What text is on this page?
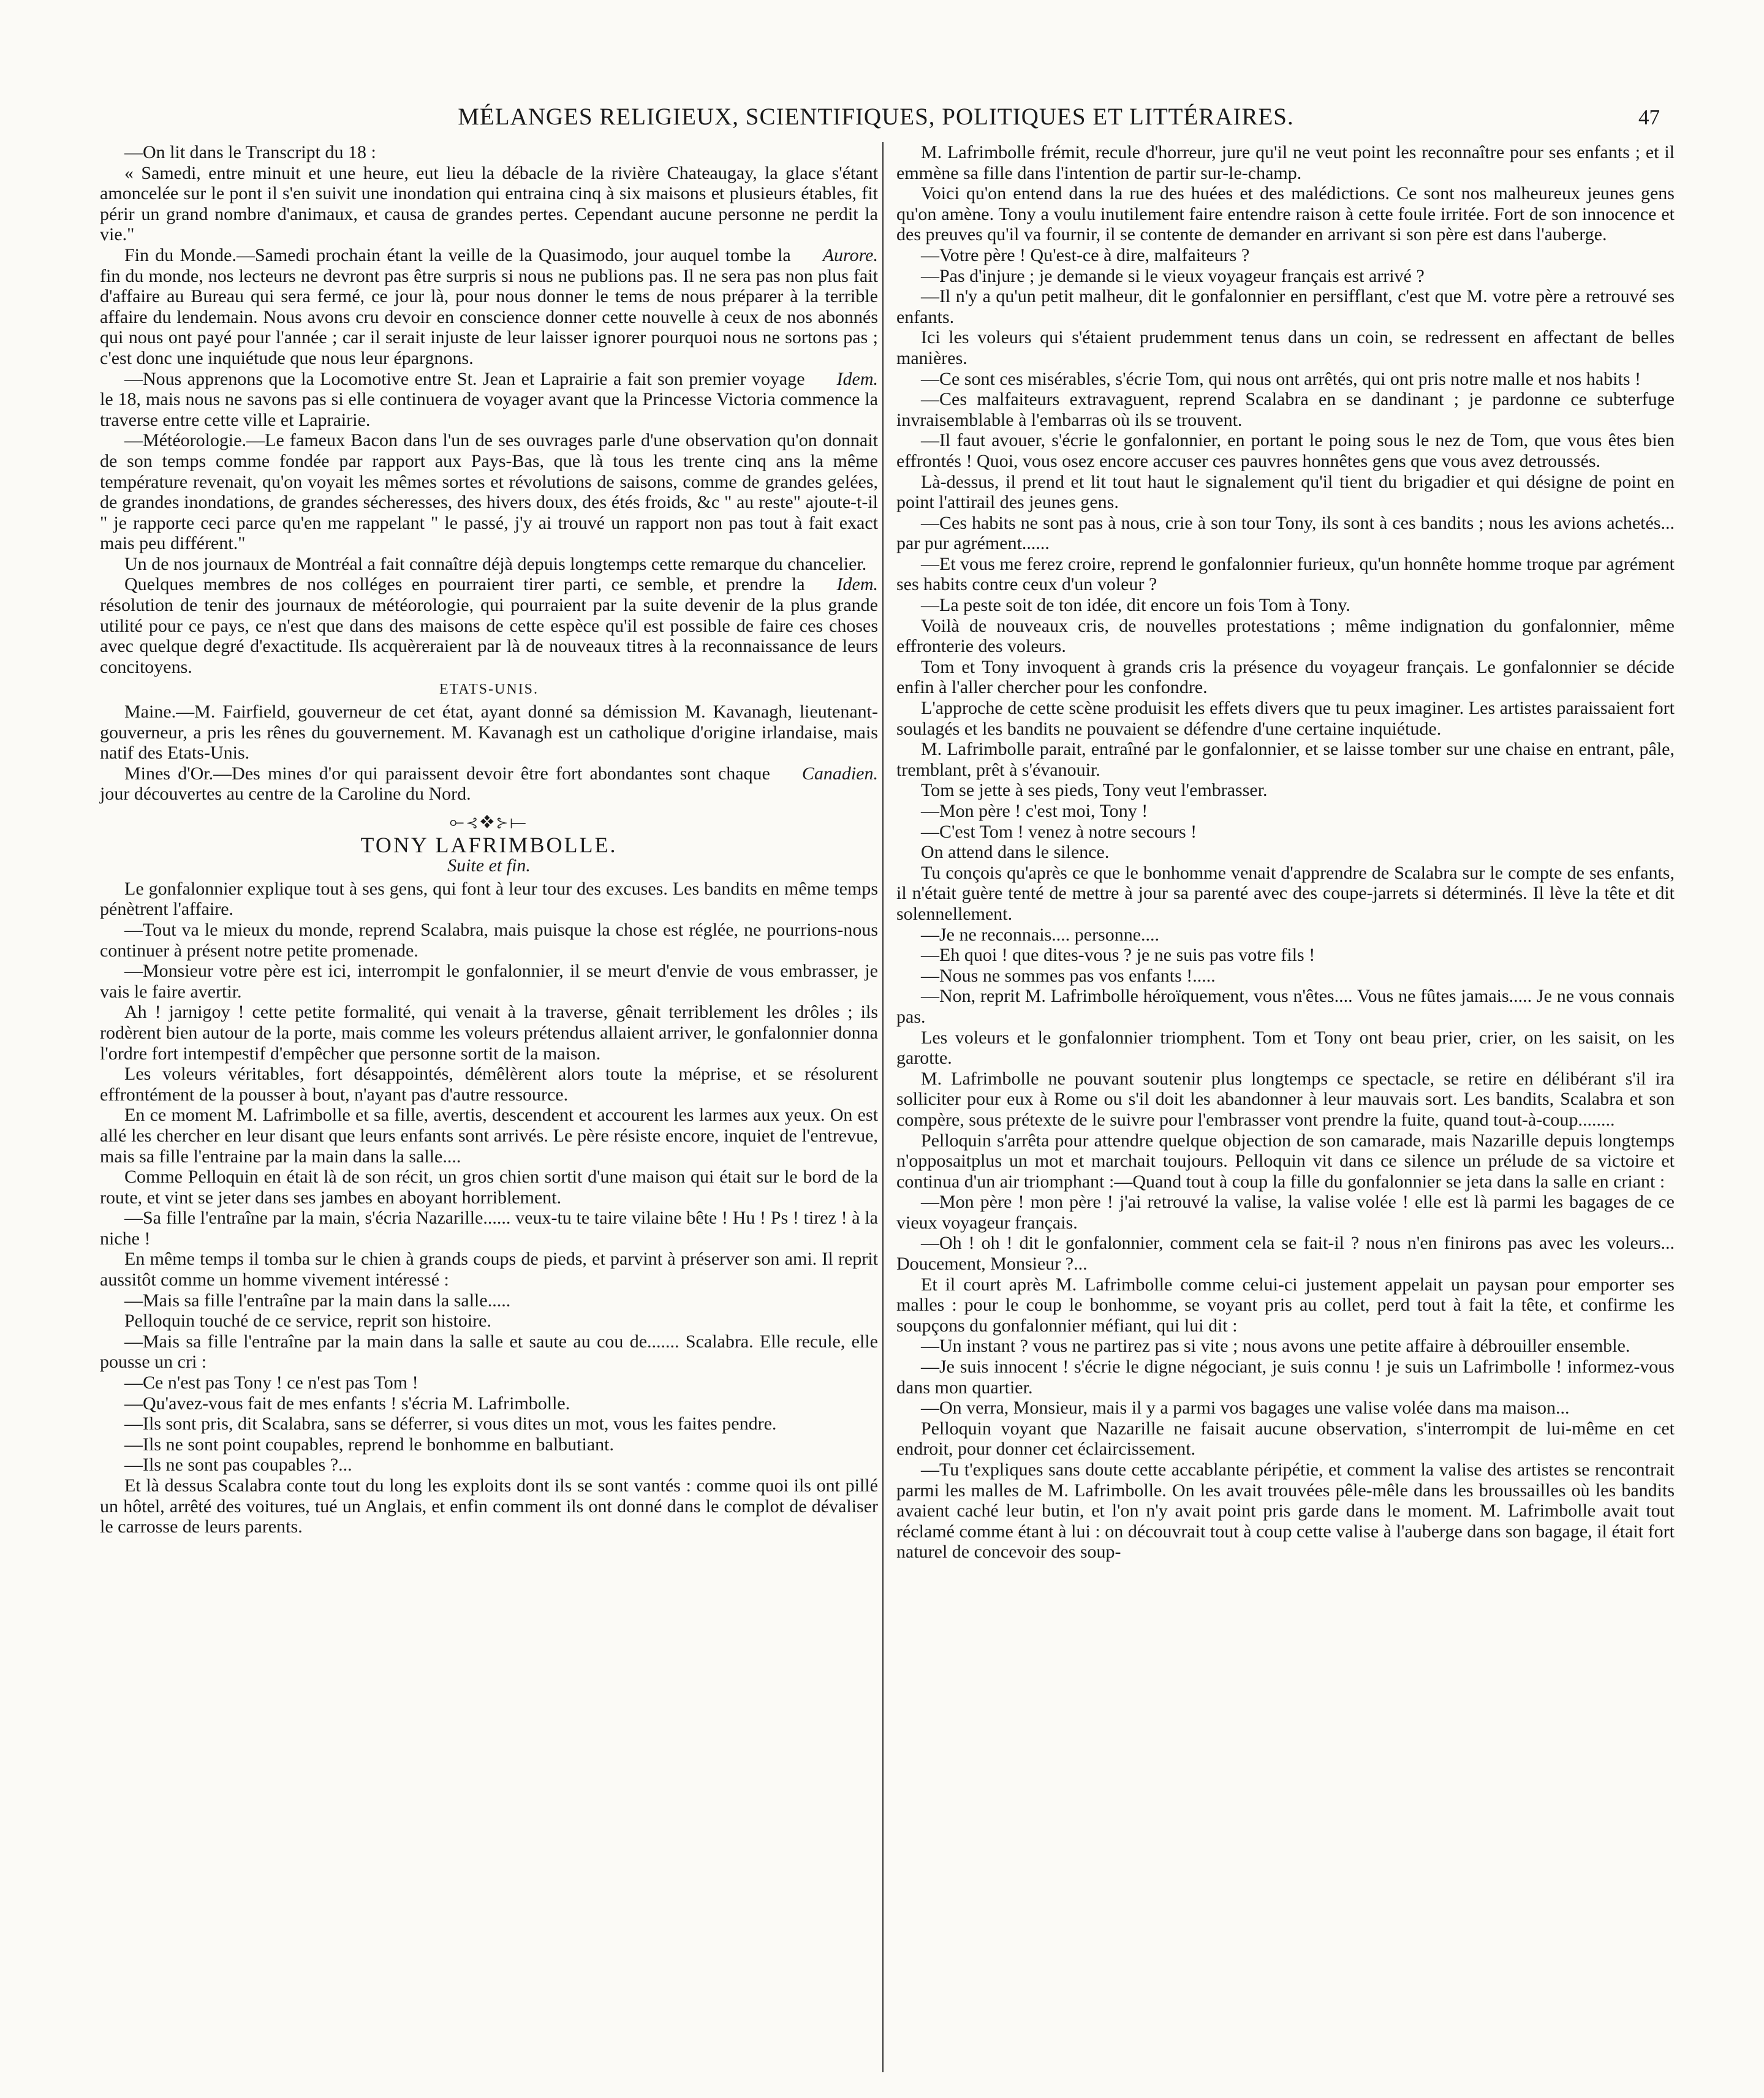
MÉLANGES RELIGIEUX, SCIENTIFIQUES, POLITIQUES ET LITTÉRAIRES.	47

—On lit dans le Transcript du 18 :

« Samedi, entre minuit et une heure, eut lieu la débacle de la rivière Chateaugay, la glace s'étant amoncelée sur le pont il s'en suivit une inondation qui entraina cinq à six maisons et plusieurs étables, fit périr un grand nombre d'animaux, et causa de grandes pertes. Cependant aucune personne ne perdit la vie."

Aurore.
Fin du Monde.—Samedi prochain étant la veille de la Quasimodo, jour auquel tombe la fin du monde, nos lecteurs ne devront pas être surpris si nous ne publions pas. Il ne sera pas non plus fait d'affaire au Bureau qui sera fermé, ce jour là, pour nous donner le tems de nous préparer à la terrible affaire du lendemain. Nous avons cru devoir en conscience donner cette nouvelle à ceux de nos abonnés qui nous ont payé pour l'année ; car il serait injuste de leur laisser ignorer pourquoi nous ne sortons pas ; c'est donc une inquiétude que nous leur épargnons.

Idem.
—Nous apprenons que la Locomotive entre St. Jean et Laprairie a fait son premier voyage le 18, mais nous ne savons pas si elle continuera de voyager avant que la Princesse Victoria commence la traverse entre cette ville et Laprairie.

—Météorologie.—Le fameux Bacon dans l'un de ses ouvrages parle d'une observation qu'on donnait de son temps comme fondée par rapport aux Pays-Bas, que là tous les trente cinq ans la même température revenait, qu'on voyait les mêmes sortes et révolutions de saisons, comme de grandes gelées, de grandes inondations, de grandes sécheresses, des hivers doux, des étés froids, &c " au reste" ajoute-t-il " je rapporte ceci parce qu'en me rappelant " le passé, j'y ai trouvé un rapport non pas tout à fait exact mais peu différent."

Un de nos journaux de Montréal a fait connaître déjà depuis longtemps cette remarque du chancelier.

Idem.
Quelques membres de nos colléges en pourraient tirer parti, ce semble, et prendre la résolution de tenir des journaux de météorologie, qui pourraient par la suite devenir de la plus grande utilité pour ce pays, ce n'est que dans des maisons de cette espèce qu'il est possible de faire ces choses avec quelque degré d'exactitude. Ils acquèreraient par là de nouveaux titres à la reconnaissance de leurs concitoyens.

ETATS-UNIS.

Maine.—M. Fairfield, gouverneur de cet état, ayant donné sa démission M. Kavanagh, lieutenant-gouverneur, a pris les rênes du gouvernement. M. Kavanagh est un catholique d'origine irlandaise, mais natif des Etats-Unis.

Canadien.
Mines d'Or.—Des mines d'or qui paraissent devoir être fort abondantes sont chaque jour découvertes au centre de la Caroline du Nord.

⟜⊰❖⊱⟝
TONY LAFRIMBOLLE.
Suite et fin.

Le gonfalonnier explique tout à ses gens, qui font à leur tour des excuses. Les bandits en même temps pénètrent l'affaire.

—Tout va le mieux du monde, reprend Scalabra, mais puisque la chose est réglée, ne pourrions-nous continuer à présent notre petite promenade.

—Monsieur votre père est ici, interrompit le gonfalonnier, il se meurt d'envie de vous embrasser, je vais le faire avertir.

Ah ! jarnigoy ! cette petite formalité, qui venait à la traverse, gênait terriblement les drôles ; ils rodèrent bien autour de la porte, mais comme les voleurs prétendus allaient arriver, le gonfalonnier donna l'ordre fort intempestif d'empêcher que personne sortit de la maison.

Les voleurs véritables, fort désappointés, démêlèrent alors toute la méprise, et se résolurent effrontément de la pousser à bout, n'ayant pas d'autre ressource.

En ce moment M. Lafrimbolle et sa fille, avertis, descendent et accourent les larmes aux yeux. On est allé les chercher en leur disant que leurs enfants sont arrivés. Le père résiste encore, inquiet de l'entrevue, mais sa fille l'entraine par la main dans la salle....

Comme Pelloquin en était là de son récit, un gros chien sortit d'une maison qui était sur le bord de la route, et vint se jeter dans ses jambes en aboyant horriblement.

—Sa fille l'entraîne par la main, s'écria Nazarille...... veux-tu te taire vilaine bête ! Hu ! Ps ! tirez ! à la niche !

En même temps il tomba sur le chien à grands coups de pieds, et parvint à préserver son ami. Il reprit aussitôt comme un homme vivement intéressé :

—Mais sa fille l'entraîne par la main dans la salle.....

Pelloquin touché de ce service, reprit son histoire.

—Mais sa fille l'entraîne par la main dans la salle et saute au cou de....... Scalabra. Elle recule, elle pousse un cri :

—Ce n'est pas Tony ! ce n'est pas Tom !

—Qu'avez-vous fait de mes enfants ! s'écria M. Lafrimbolle.

—Ils sont pris, dit Scalabra, sans se déferrer, si vous dites un mot, vous les faites pendre.

—Ils ne sont point coupables, reprend le bonhomme en balbutiant.

—Ils ne sont pas coupables ?...

Et là dessus Scalabra conte tout du long les exploits dont ils se sont vantés : comme quoi ils ont pillé un hôtel, arrêté des voitures, tué un Anglais, et enfin comment ils ont donné dans le complot de dévaliser le carrosse de leurs parents.

M. Lafrimbolle frémit, recule d'horreur, jure qu'il ne veut point les reconnaître pour ses enfants ; et il emmène sa fille dans l'intention de partir sur-le-champ.

Voici qu'on entend dans la rue des huées et des malédictions. Ce sont nos malheureux jeunes gens qu'on amène. Tony a voulu inutilement faire entendre raison à cette foule irritée. Fort de son innocence et des preuves qu'il va fournir, il se contente de demander en arrivant si son père est dans l'auberge.

—Votre père ! Qu'est-ce à dire, malfaiteurs ?

—Pas d'injure ; je demande si le vieux voyageur français est arrivé ?

—Il n'y a qu'un petit malheur, dit le gonfalonnier en persifflant, c'est que M. votre père a retrouvé ses enfants.

Ici les voleurs qui s'étaient prudemment tenus dans un coin, se redressent en affectant de belles manières.

—Ce sont ces misérables, s'écrie Tom, qui nous ont arrêtés, qui ont pris notre malle et nos habits !

—Ces malfaiteurs extravaguent, reprend Scalabra en se dandinant ; je pardonne ce subterfuge invraisemblable à l'embarras où ils se trouvent.

—Il faut avouer, s'écrie le gonfalonnier, en portant le poing sous le nez de Tom, que vous êtes bien effrontés ! Quoi, vous osez encore accuser ces pauvres honnêtes gens que vous avez detroussés.

Là-dessus, il prend et lit tout haut le signalement qu'il tient du brigadier et qui désigne de point en point l'attirail des jeunes gens.

—Ces habits ne sont pas à nous, crie à son tour Tony, ils sont à ces bandits ; nous les avions achetés... par pur agrément......

—Et vous me ferez croire, reprend le gonfalonnier furieux, qu'un honnête homme troque par agrément ses habits contre ceux d'un voleur ?

—La peste soit de ton idée, dit encore un fois Tom à Tony.

Voilà de nouveaux cris, de nouvelles protestations ; même indignation du gonfalonnier, même effronterie des voleurs.

Tom et Tony invoquent à grands cris la présence du voyageur français. Le gonfalonnier se décide enfin à l'aller chercher pour les confondre.

L'approche de cette scène produisit les effets divers que tu peux imaginer. Les artistes paraissaient fort soulagés et les bandits ne pouvaient se défendre d'une certaine inquiétude.

M. Lafrimbolle parait, entraîné par le gonfalonnier, et se laisse tomber sur une chaise en entrant, pâle, tremblant, prêt à s'évanouir.

Tom se jette à ses pieds, Tony veut l'embrasser.

—Mon père ! c'est moi, Tony !

—C'est Tom ! venez à notre secours !

On attend dans le silence.

Tu conçois qu'après ce que le bonhomme venait d'apprendre de Scalabra sur le compte de ses enfants, il n'était guère tenté de mettre à jour sa parenté avec des coupe-jarrets si déterminés. Il lève la tête et dit solennellement.

—Je ne reconnais.... personne....

—Eh quoi ! que dites-vous ? je ne suis pas votre fils !

—Nous ne sommes pas vos enfants !.....

—Non, reprit M. Lafrimbolle héroïquement, vous n'êtes.... Vous ne fûtes jamais..... Je ne vous connais pas.

Les voleurs et le gonfalonnier triomphent. Tom et Tony ont beau prier, crier, on les saisit, on les garotte.

M. Lafrimbolle ne pouvant soutenir plus longtemps ce spectacle, se retire en délibérant s'il ira solliciter pour eux à Rome ou s'il doit les abandonner à leur mauvais sort. Les bandits, Scalabra et son compère, sous prétexte de le suivre pour l'embrasser vont prendre la fuite, quand tout-à-coup........

Pelloquin s'arrêta pour attendre quelque objection de son camarade, mais Nazarille depuis longtemps n'opposaitplus un mot et marchait toujours. Pelloquin vit dans ce silence un prélude de sa victoire et continua d'un air triomphant :—Quand tout à coup la fille du gonfalonnier se jeta dans la salle en criant :

—Mon père ! mon père ! j'ai retrouvé la valise, la valise volée ! elle est là parmi les bagages de ce vieux voyageur français.

—Oh ! oh ! dit le gonfalonnier, comment cela se fait-il ? nous n'en finirons pas avec les voleurs... Doucement, Monsieur ?...

Et il court après M. Lafrimbolle comme celui-ci justement appelait un paysan pour emporter ses malles : pour le coup le bonhomme, se voyant pris au collet, perd tout à fait la tête, et confirme les soupçons du gonfalonnier méfiant, qui lui dit :

—Un instant ? vous ne partirez pas si vite ; nous avons une petite affaire à débrouiller ensemble.

—Je suis innocent ! s'écrie le digne négociant, je suis connu ! je suis un Lafrimbolle ! informez-vous dans mon quartier.

—On verra, Monsieur, mais il y a parmi vos bagages une valise volée dans ma maison...

Pelloquin voyant que Nazarille ne faisait aucune observation, s'interrompit de lui-même en cet endroit, pour donner cet éclaircissement.

—Tu t'expliques sans doute cette accablante péripétie, et comment la valise des artistes se rencontrait parmi les malles de M. Lafrimbolle. On les avait trouvées pêle-mêle dans les broussailles où les bandits avaient caché leur butin, et l'on n'y avait point pris garde dans le moment. M. Lafrimbolle avait tout réclamé comme étant à lui : on découvrait tout à coup cette valise à l'auberge dans son bagage, il était fort naturel de concevoir des soup-
